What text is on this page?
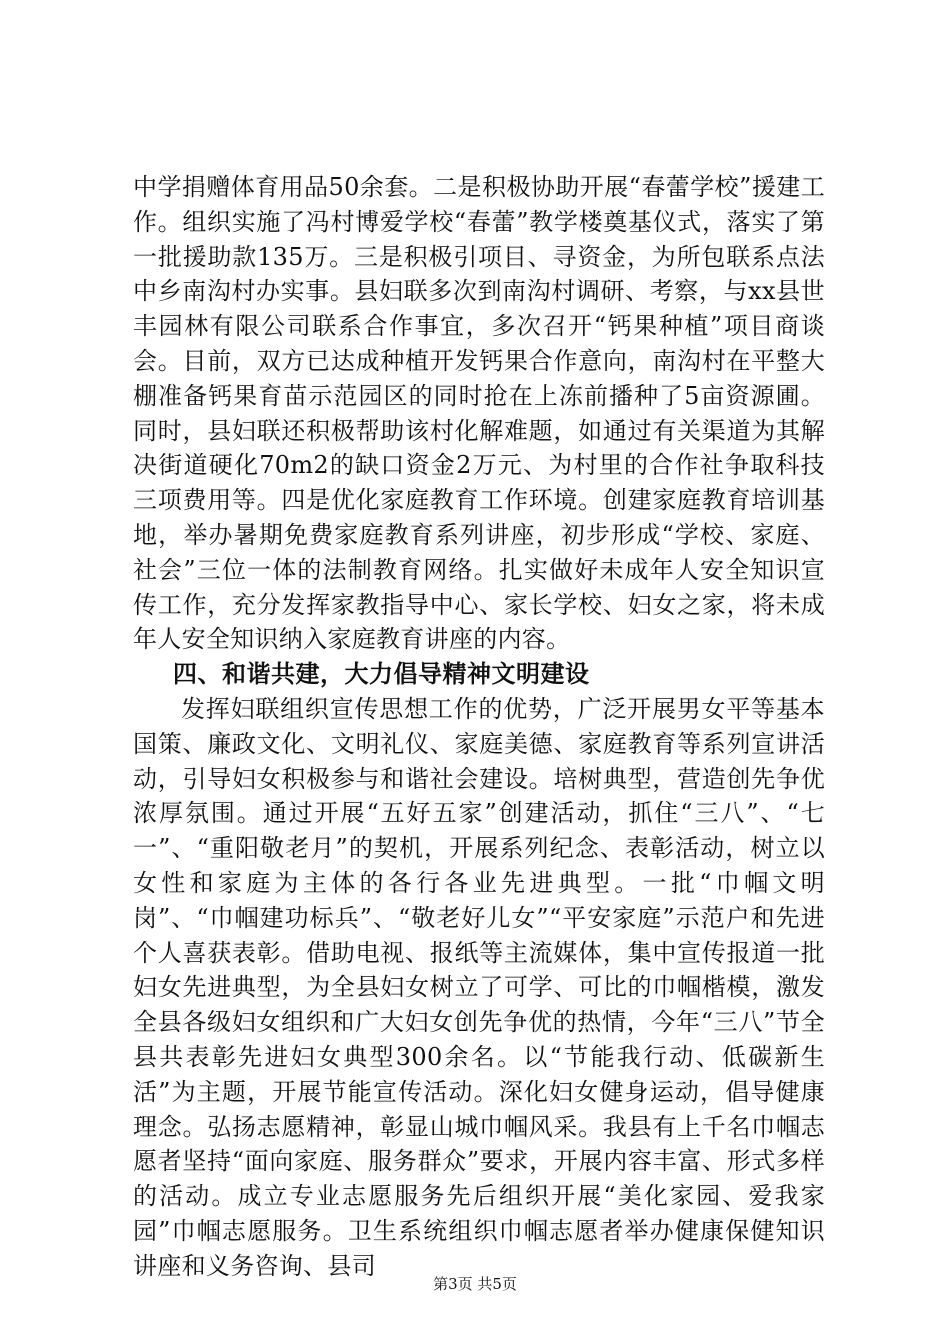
中学捐赠体育用品50余套。二是积极协助开展“春蕾学校”援建工作。组织实施了冯村博爱学校“春蕾”教学楼奠基仪式，落实了第一批援助款135万。三是积极引项目、寻资金，为所包联系点法中乡南沟村办实事。县妇联多次到南沟村调研、考察，与xx县世丰园林有限公司联系合作事宜，多次召开“钙果种植”项目商谈会。目前，双方已达成种植开发钙果合作意向，南沟村在平整大棚准备钙果育苗示范园区的同时抢在上冻前播种了5亩资源圃。同时，县妇联还积极帮助该村化解难题，如通过有关渠道为其解决街道硬化70m2的缺口资金2万元、为村里的合作社争取科技三项费用等。四是优化家庭教育工作环境。创建家庭教育培训基地，举办暑期免费家庭教育系列讲座，初步形成“学校、家庭、社会”三位一体的法制教育网络。扎实做好未成年人安全知识宣传工作，充分发挥家教指导中心、家长学校、妇女之家，将未成年人安全知识纳入家庭教育讲座的内容。

四、和谐共建，大力倡导精神文明建设

发挥妇联组织宣传思想工作的优势，广泛开展男女平等基本国策、廉政文化、文明礼仪、家庭美德、家庭教育等系列宣讲活动，引导妇女积极参与和谐社会建设。培树典型，营造创先争优浓厚氛围。通过开展“五好五家”创建活动，抓住“三八”、“七一”、“重阳敬老月”的契机，开展系列纪念、表彰活动，树立以女性和家庭为主体的各行各业先进典型。一批“巾帼文明岗”、“巾帼建功标兵”、“敬老好儿女”“平安家庭”示范户和先进个人喜获表彰。借助电视、报纸等主流媒体，集中宣传报道一批妇女先进典型，为全县妇女树立了可学、可比的巾帼楷模，激发全县各级妇女组织和广大妇女创先争优的热情，今年“三八”节全县共表彰先进妇女典型300余名。以“节能我行动、低碳新生活”为主题，开展节能宣传活动。深化妇女健身运动，倡导健康理念。弘扬志愿精神，彰显山城巾帼风采。我县有上千名巾帼志愿者坚持“面向家庭、服务群众”要求，开展内容丰富、形式多样的活动。成立专业志愿服务先后组织开展“美化家园、爱我家园”巾帼志愿服务。卫生系统组织巾帼志愿者举办健康保健知识讲座和义务咨询、县司

第3页 共5页
